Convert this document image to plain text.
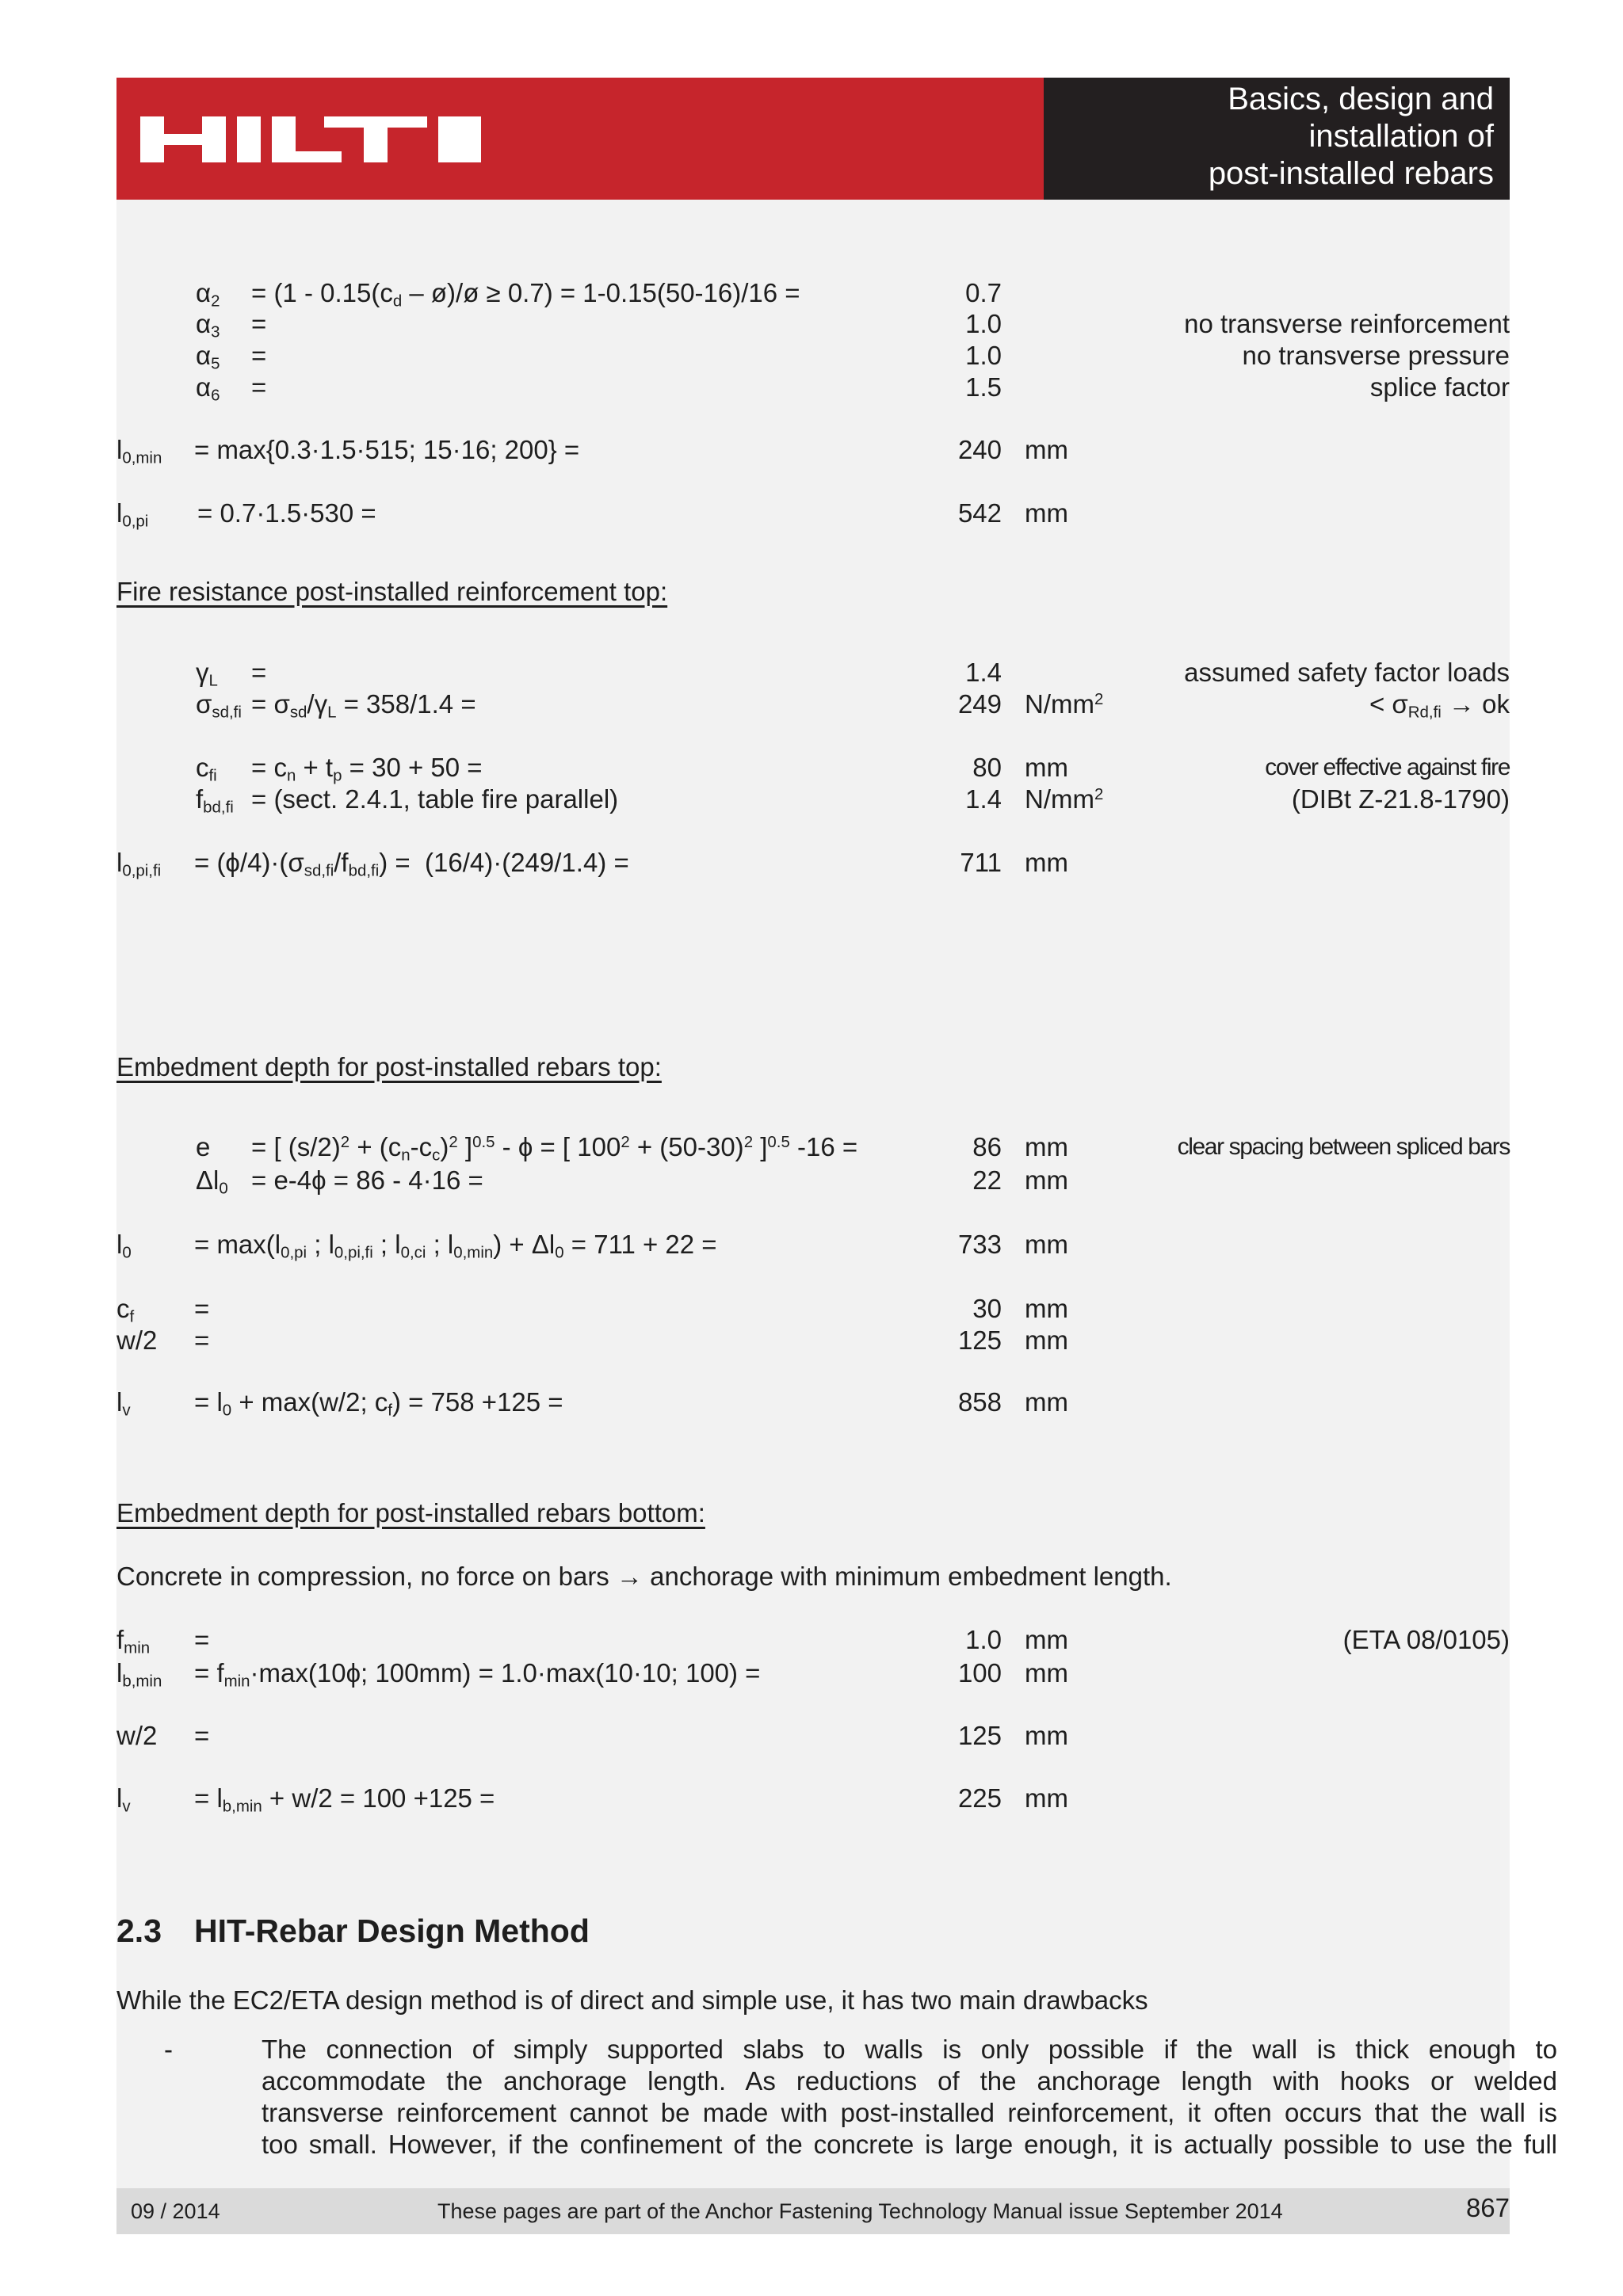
Basics, design and
installation of
post-installed rebars
$\alpha_2 = (1 - 0.15(c_d$ – ø)/ø ≥ 0.7) = 1-0.15(50-16)/16 =	0.7
$\alpha_3$ =	1.0	no transverse reinforcement
$\alpha_5$ =	1.0	no transverse pressure
$\alpha_6$ =	1.5	splice factor
$l_{0,min} = \max\{0.3\cdot 1.5\cdot 515$; 15·16; 200} =	240 mm
$l_{0,pi} = 0.7\cdot 1.5\cdot 530$ =	542 mm
Fire resistance post-installed reinforcement top:
$\gamma_L$ =	1.4	assumed safety factor loads
$\sigma_{sd,fi} = \sigma_{sd}/\gamma_L = 358/1.4$ =	249 $N/mm^2$	< $\sigma_{Rd,fi}$ → ok
$c_{fi} = c_n + t_p = 30 + 50$ =	80 mm	cover effective against fire
$f_{bd,fi} = (\sec t$. 2.4.1, table fire parallel)	1.4 $N/mm^2$	(DIBt Z-21.8-1790)
$l_{0,pi,fi} = (\phi/4)\cdot(\sigma_{sd,fi}/f_{bd,fi}) = (16/4)\cdot(249/1.4)$ =	711 mm
Embedment depth for post-installed rebars top:
e = [ $(s/2)^2 + (c_n-c_c)^2$ ]$^{0.5}$ - ϕ = [ $100^2 + (50-30)^2$ ]$^{0.5}$ -16 =	86 mm	clear spacing between spliced bars
$\Delta l_0 = e-4\phi = 86 - 4\cdot 16$ =	22 mm
$l_0 = \max(l_{0,pi}$ ; $l_{0,pi,fi}$ ; $l_{0,ci}$ ; $l_{0,min}) + \Delta l_0 = 711 + 22$ =	733 mm
$c_f$ =	30 mm
w/2 =	125 mm
$l_v = l_0 + \max(w/2$; $c_f) = 758 +125$ =	858 mm
Embedment depth for post-installed rebars bottom:
Concrete in compression, no force on bars → anchorage with minimum embedment length.
$f_{min}$ =	1.0 mm	(ETA 08/0105)
$l_{b,min} = f_{min}\cdot\max(10\phi$; 100mm) = 1.0·max(10·10; 100) =	100 mm
w/2 =	125 mm
$l_v = l_{b,min} + w/2 = 100 +125$ =	225 mm
2.3 HIT-Rebar Design Method
While the EC2/ETA design method is of direct and simple use, it has two main drawbacks
-	The connection of simply supported slabs to walls is only possible if the wall is thick enough to
accommodate the anchorage length. As reductions of the anchorage length with hooks or welded
transverse reinforcement cannot be made with post-installed reinforcement, it often occurs that the wall is
too small. However, if the confinement of the concrete is large enough, it is actually possible to use the full
09 / 2014	These pages are part of the Anchor Fastening Technology Manual issue September 2014	867
